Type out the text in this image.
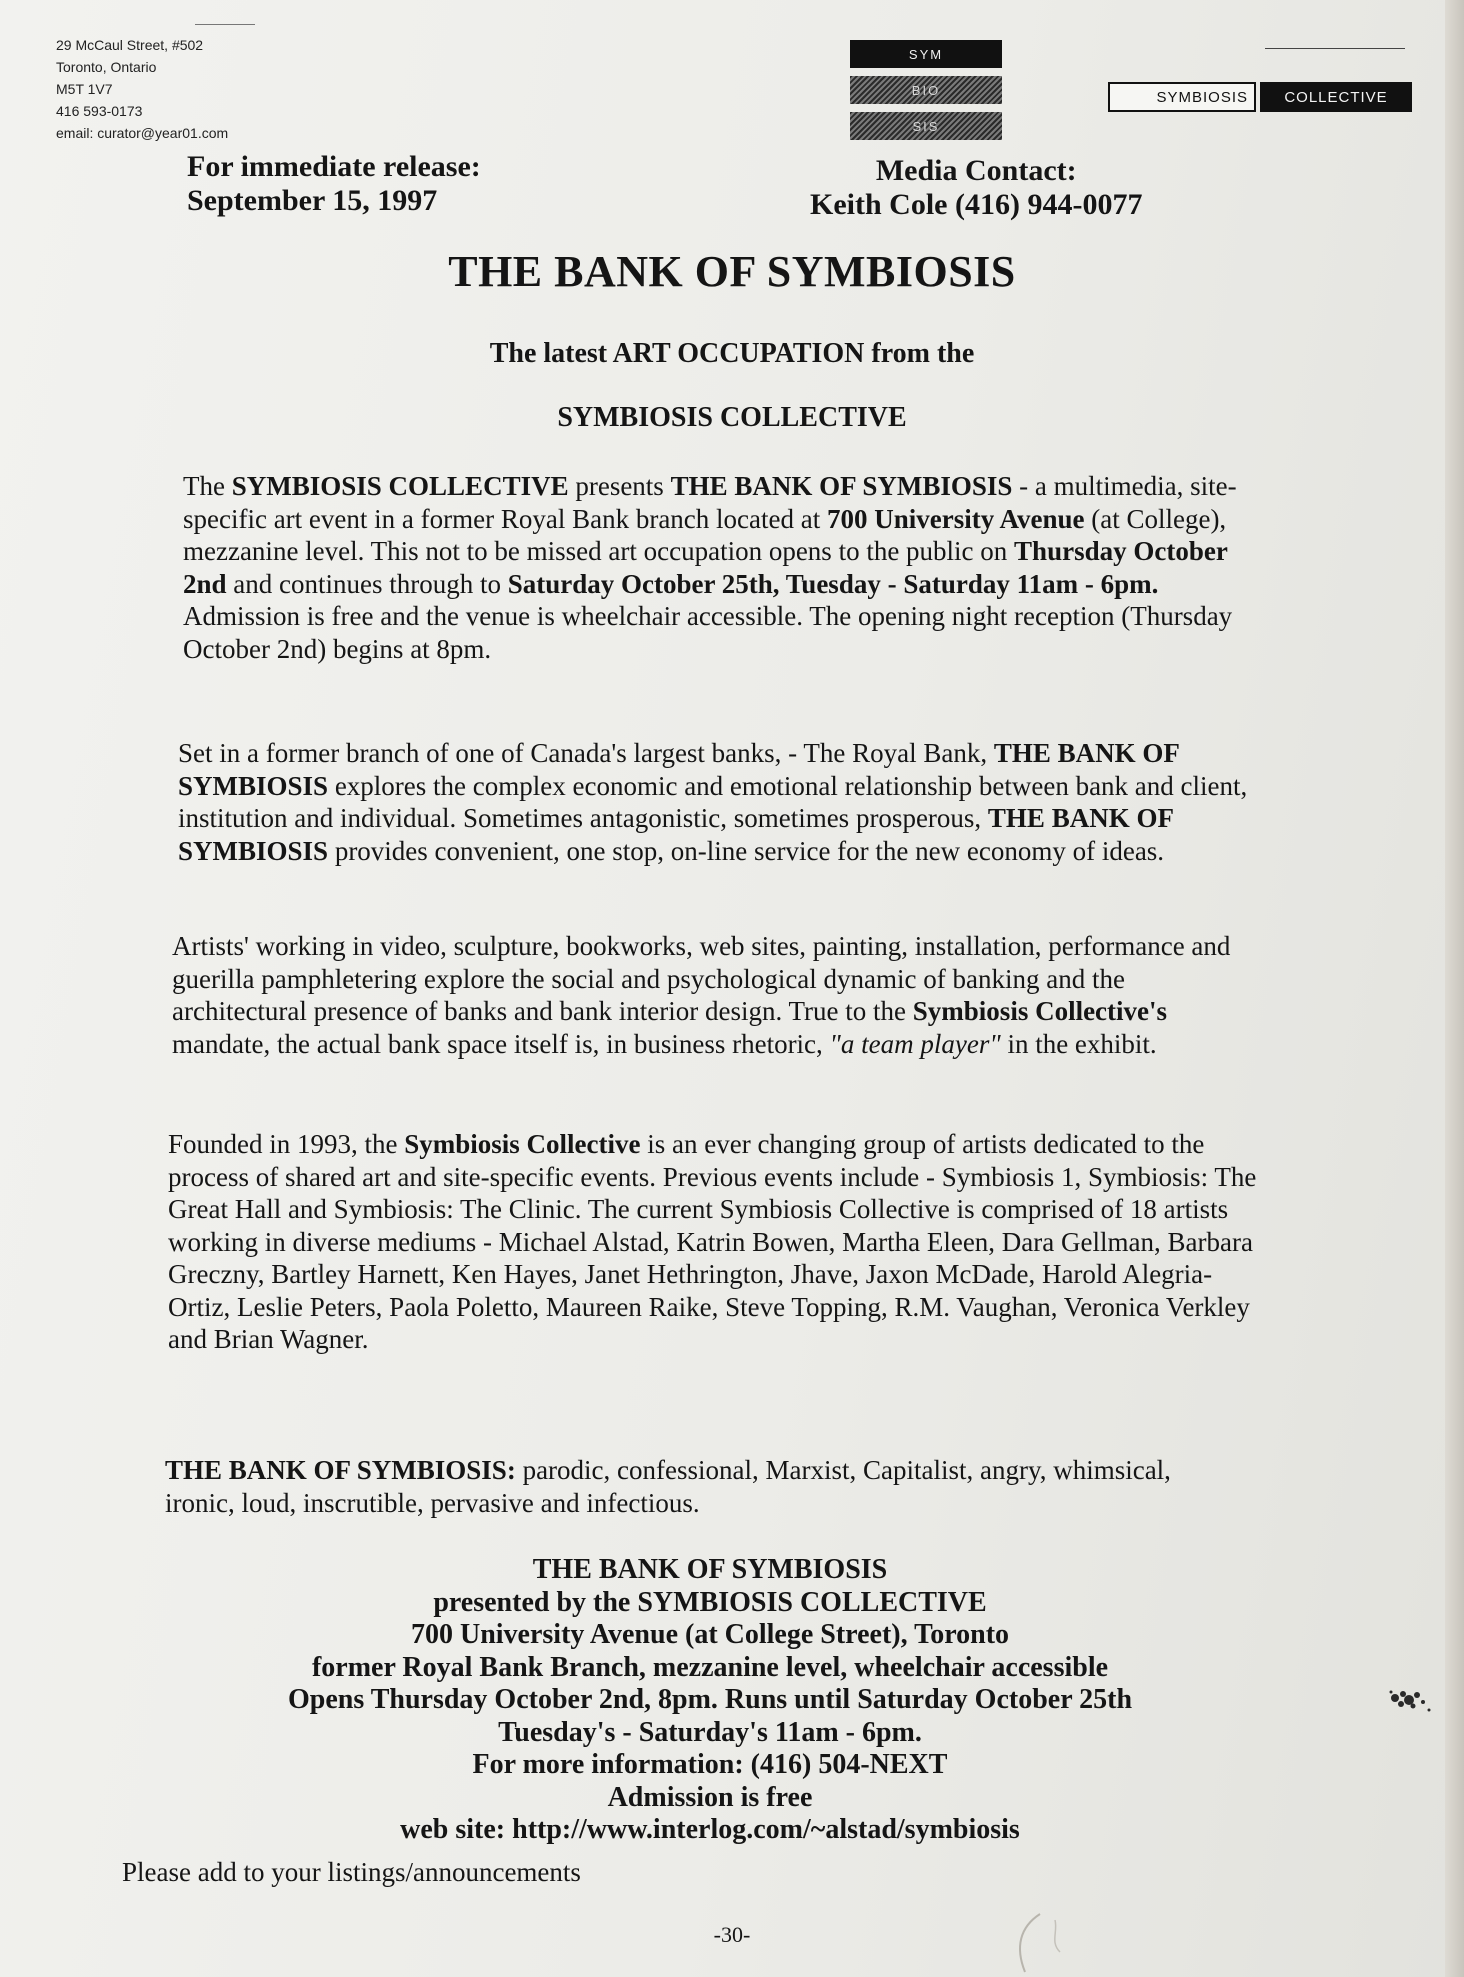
29 McCaul Street, #502
Toronto, Ontario
M5T 1V7
416 593-0173
email: curator@year01.com
SYM
BIO
SIS
SYMBIOSIS	COLLECTIVE
For immediate release:
September 15, 1997
Media Contact:
Keith Cole (416) 944-0077
THE BANK OF SYMBIOSIS
The latest ART OCCUPATION from the
SYMBIOSIS COLLECTIVE
The SYMBIOSIS COLLECTIVE presents THE BANK OF SYMBIOSIS - a multimedia, site-specific art event in a former Royal Bank branch located at 700 University Avenue (at College), mezzanine level. This not to be missed art occupation opens to the public on Thursday October 2nd and continues through to Saturday October 25th, Tuesday - Saturday 11am - 6pm. Admission is free and the venue is wheelchair accessible. The opening night reception (Thursday October 2nd) begins at 8pm.
Set in a former branch of one of Canada's largest banks, - The Royal Bank, THE BANK OF SYMBIOSIS explores the complex economic and emotional relationship between bank and client, institution and individual. Sometimes antagonistic, sometimes prosperous, THE BANK OF SYMBIOSIS provides convenient, one stop, on-line service for the new economy of ideas.
Artists' working in video, sculpture, bookworks, web sites, painting, installation, performance and guerilla pamphletering explore the social and psychological dynamic of banking and the architectural presence of banks and bank interior design. True to the Symbiosis Collective's mandate, the actual bank space itself is, in business rhetoric, "a team player" in the exhibit.
Founded in 1993, the Symbiosis Collective is an ever changing group of artists dedicated to the process of shared art and site-specific events. Previous events include - Symbiosis 1, Symbiosis: The Great Hall and Symbiosis: The Clinic. The current Symbiosis Collective is comprised of 18 artists working in diverse mediums - Michael Alstad, Katrin Bowen, Martha Eleen, Dara Gellman, Barbara Greczny, Bartley Harnett, Ken Hayes, Janet Hethrington, Jhave, Jaxon McDade, Harold Alegria-Ortiz, Leslie Peters, Paola Poletto, Maureen Raike, Steve Topping, R.M. Vaughan, Veronica Verkley and Brian Wagner.
THE BANK OF SYMBIOSIS: parodic, confessional, Marxist, Capitalist, angry, whimsical, ironic, loud, inscrutible, pervasive and infectious.
THE BANK OF SYMBIOSIS
presented by the SYMBIOSIS COLLECTIVE
700 University Avenue (at College Street), Toronto
former Royal Bank Branch, mezzanine level, wheelchair accessible
Opens Thursday October 2nd, 8pm. Runs until Saturday October 25th
Tuesday's - Saturday's 11am - 6pm.
For more information: (416) 504-NEXT
Admission is free
web site: http://www.interlog.com/~alstad/symbiosis
Please add to your listings/announcements
-30-
